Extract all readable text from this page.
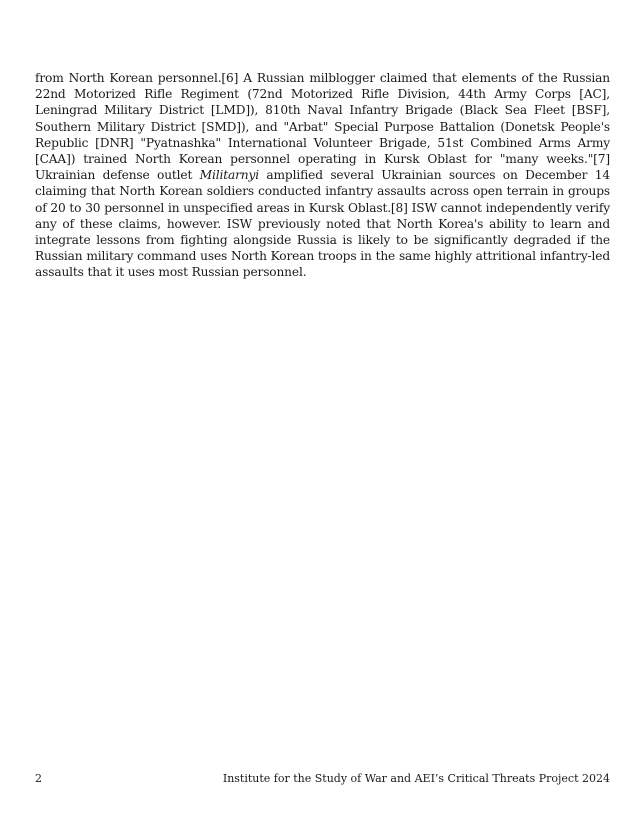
from North Korean personnel.[6] A Russian milblogger claimed that elements of the Russian 22nd Motorized Rifle Regiment (72nd Motorized Rifle Division, 44th Army Corps [AC], Leningrad Military District [LMD]), 810th Naval Infantry Brigade (Black Sea Fleet [BSF], Southern Military District [SMD]), and "Arbat" Special Purpose Battalion (Donetsk People's Republic [DNR] "Pyatnashka" International Volunteer Brigade, 51st Combined Arms Army [CAA]) trained North Korean personnel operating in Kursk Oblast for "many weeks."[7] Ukrainian defense outlet Militarnyi amplified several Ukrainian sources on December 14 claiming that North Korean soldiers conducted infantry assaults across open terrain in groups of 20 to 30 personnel in unspecified areas in Kursk Oblast.[8] ISW cannot independently verify any of these claims, however. ISW previously noted that North Korea's ability to learn and integrate lessons from fighting alongside Russia is likely to be significantly degraded if the Russian military command uses North Korean troops in the same highly attritional infantry-led assaults that it uses most Russian personnel.

2	Institute for the Study of War and AEI’s Critical Threats Project 2024
